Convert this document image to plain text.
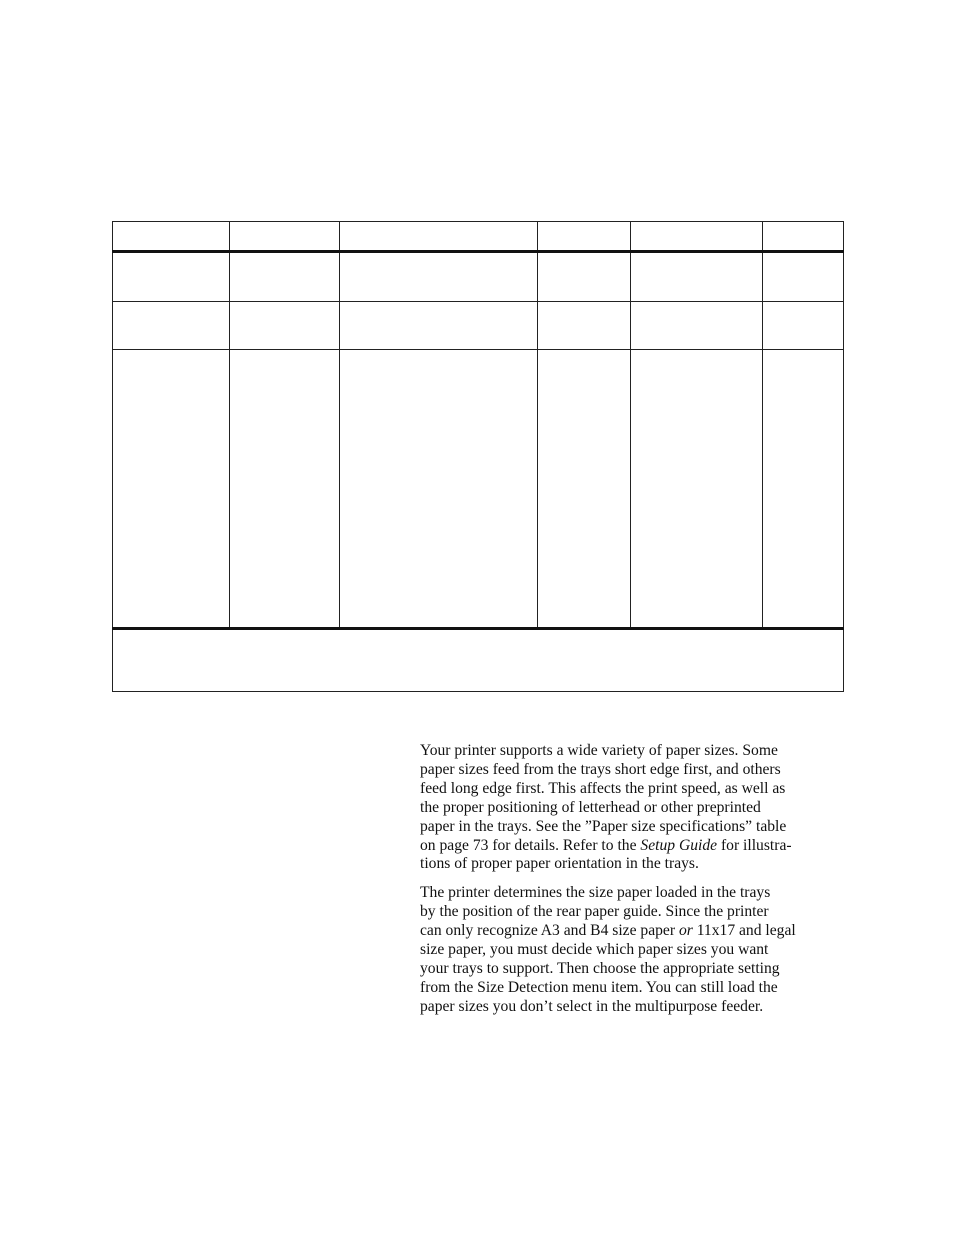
Your printer supports a wide variety of paper sizes. Some
paper sizes feed from the trays short edge first, and others
feed long edge first. This affects the print speed, as well as
the proper positioning of letterhead or other preprinted
paper in the trays. See the ”Paper size specifications” table
on page 73 for details. Refer to the Setup Guide for illustra-
tions of proper paper orientation in the trays.

The printer determines the size paper loaded in the trays
by the position of the rear paper guide. Since the printer
can only recognize A3 and B4 size paper or 11x17 and legal
size paper, you must decide which paper sizes you want
your trays to support. Then choose the appropriate setting
from the Size Detection menu item. You can still load the
paper sizes you don’t select in the multipurpose feeder.
